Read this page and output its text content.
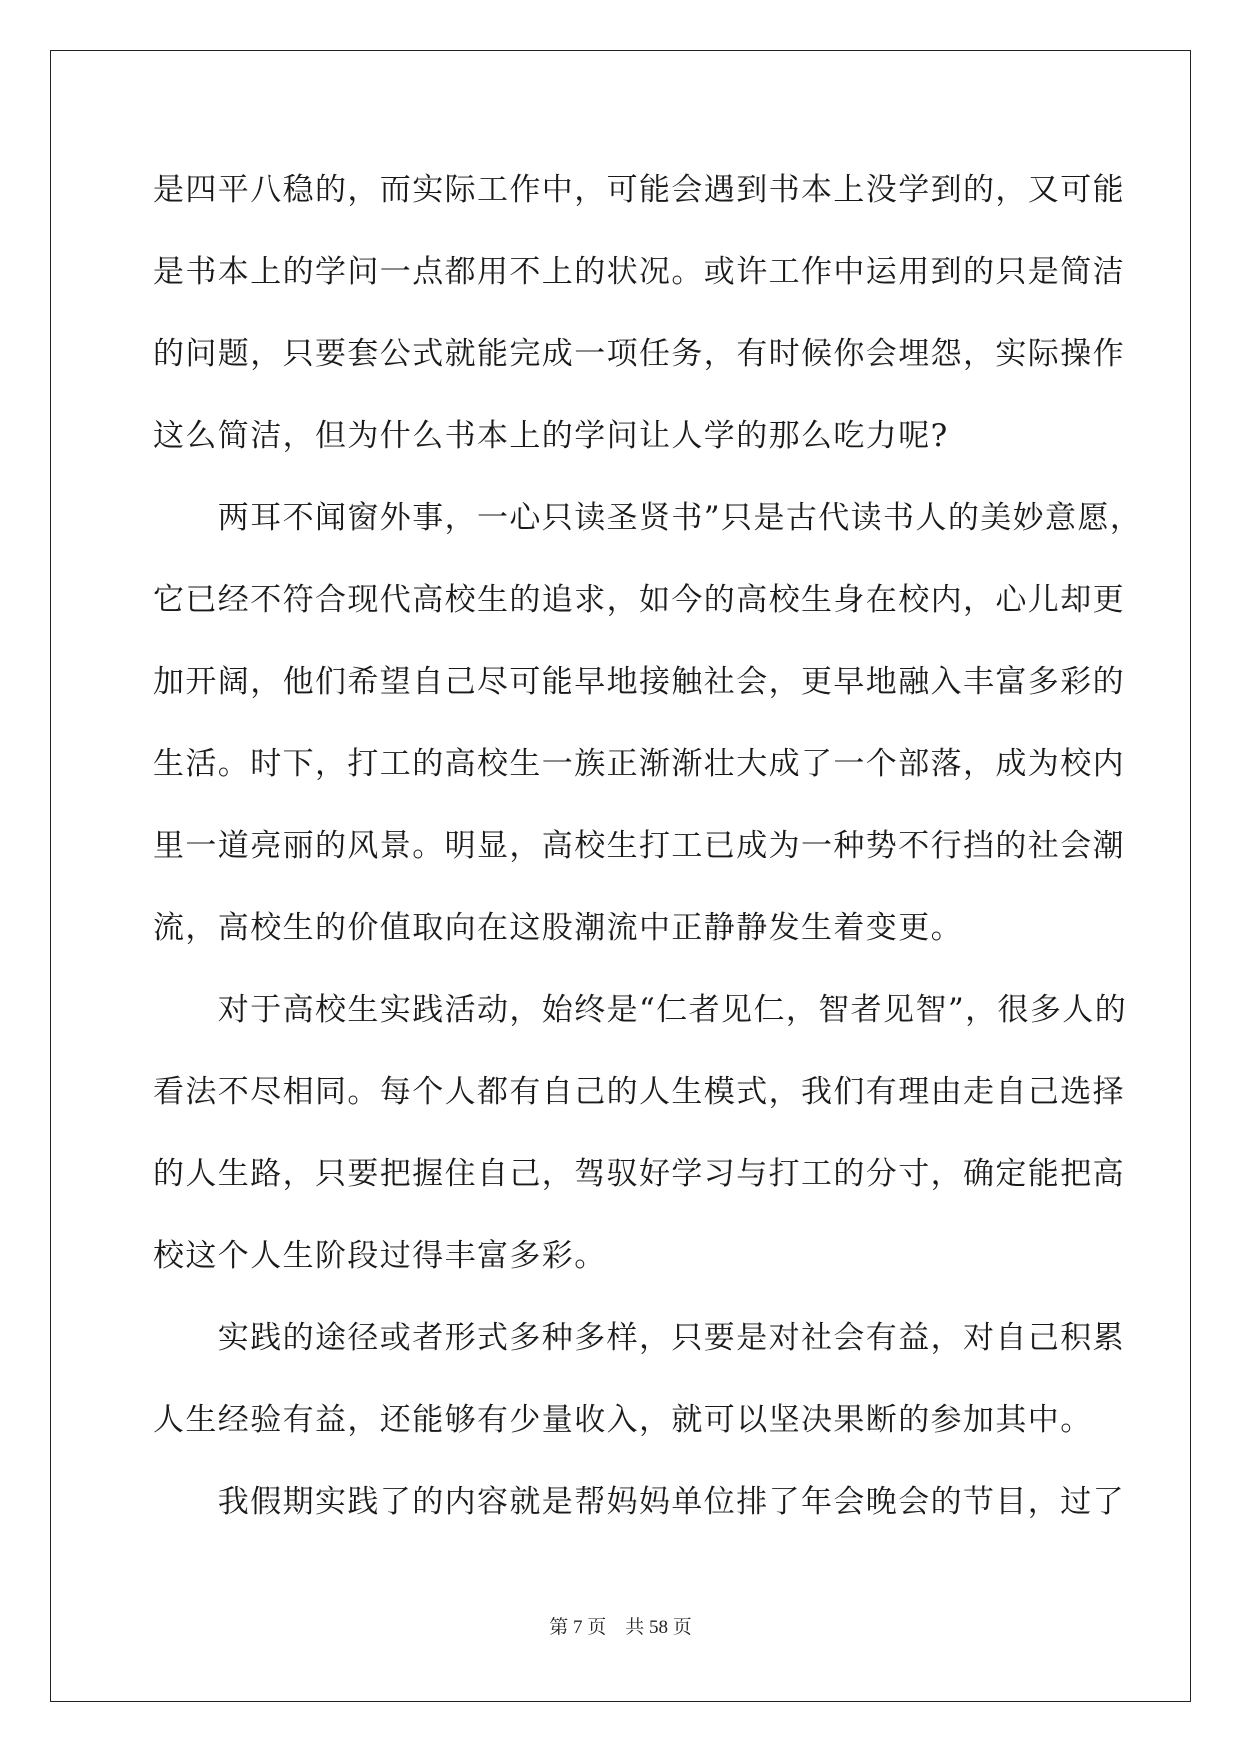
是四平八稳的，而实际工作中，可能会遇到书本上没学到的，又可能
是书本上的学问一点都用不上的状况。或许工作中运用到的只是简洁
的问题，只要套公式就能完成一项任务，有时候你会埋怨，实际操作
这么简洁，但为什么书本上的学问让人学的那么吃力呢?
　　两耳不闻窗外事，一心只读圣贤书”只是古代读书人的美妙意愿，
它已经不符合现代高校生的追求，如今的高校生身在校内，心儿却更
加开阔，他们希望自己尽可能早地接触社会，更早地融入丰富多彩的
生活。时下，打工的高校生一族正渐渐壮大成了一个部落，成为校内
里一道亮丽的风景。明显，高校生打工已成为一种势不行挡的社会潮
流，高校生的价值取向在这股潮流中正静静发生着变更。
　　对于高校生实践活动，始终是“仁者见仁，智者见智”，很多人的
看法不尽相同。每个人都有自己的人生模式，我们有理由走自己选择
的人生路，只要把握住自己，驾驭好学习与打工的分寸，确定能把高
校这个人生阶段过得丰富多彩。
　　实践的途径或者形式多种多样，只要是对社会有益，对自己积累
人生经验有益，还能够有少量收入，就可以坚决果断的参加其中。
　　我假期实践了的内容就是帮妈妈单位排了年会晚会的节目，过了
第 7 页　共 58 页
